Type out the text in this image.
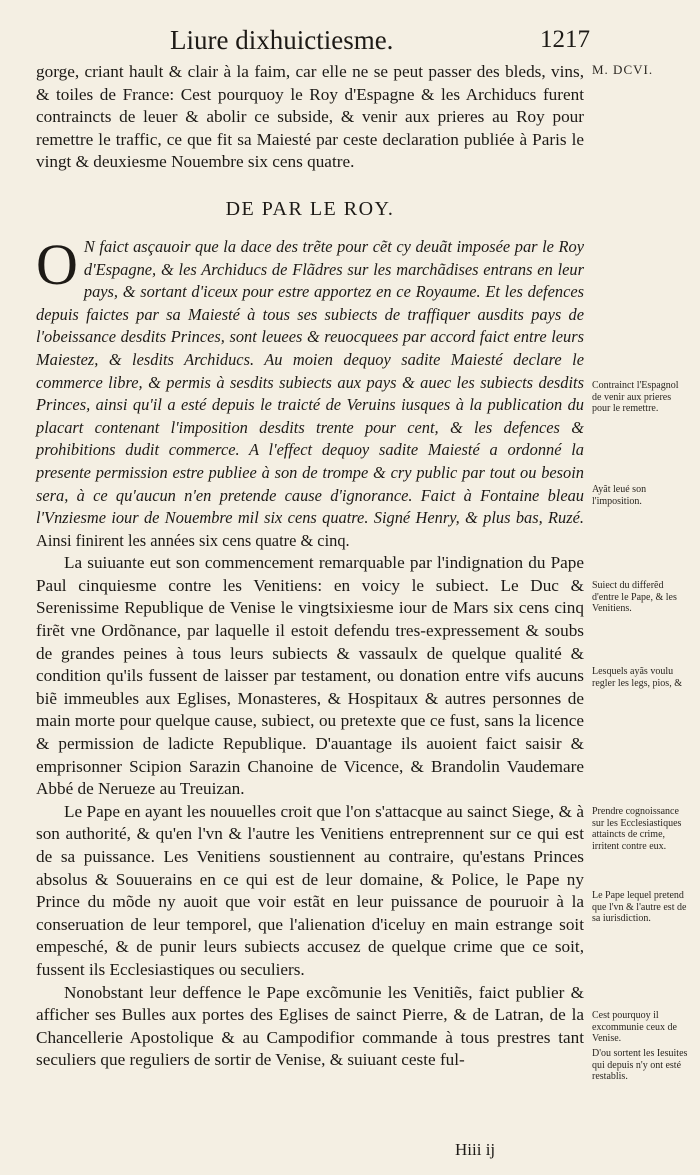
Liure dixhuictiesme.	1217

gorge, criant hault & clair à la faim, car elle ne se peut passer des bleds, vins, & toiles de France: Cest pourquoy le Roy d'Espagne & les Archiducs furent contraincts de leuer & abolir ce subside, & venir aux prieres au Roy pour remettre le traffic, ce que fit sa Maiesté par ceste declaration publiée à Paris le vingt & deuxiesme Nouembre six cens quatre.

DE PAR LE ROY.

O N faict asçauoir que la dace des trẽte pour cẽt cy deuãt imposée par le Roy d'Espagne, & les Archiducs de Flãdres sur les marchãdises entrans en leur pays, & sortant d'iceux pour estre apportez en ce Royaume. Et les defences depuis faictes par sa Maiesté à tous ses subiects de traffiquer ausdits pays de l'obeissance desdits Princes, sont leuees & reuocquees par accord faict entre leurs Maiestez, & lesdits Archiducs. Au moien dequoy sadite Maiesté declare le commerce libre, & permis à sesdits subiects aux pays & auec les subiects desdits Princes, ainsi qu'il a esté depuis le traicté de Veruins iusques à la publication du placart contenant l'imposition desdits trente pour cent, & les defences & prohibitions dudit commerce. A l'effect dequoy sadite Maiesté a ordonné la presente permission estre publiee à son de trompe & cry public par tout ou besoin sera, à ce qu'aucun n'en pretende cause d'ignorance. Faict à Fontaine bleau l'Vnziesme iour de Nouembre mil six cens quatre. Signé Henry, & plus bas, Ruzé. Ainsi finirent les années six cens quatre & cinq.

La suiuante eut son commencement remarquable par l'indignation du Pape Paul cinquiesme contre les Venitiens: en voicy le subiect. Le Duc & Serenissime Republique de Venise le vingtsixiesme iour de Mars six cens cinq firẽt vne Ordõnance, par laquelle il estoit defendu tres-expressement & soubs de grandes peines à tous leurs subiects & vassaulx de quelque qualité & condition qu'ils fussent de laisser par testament, ou donation entre vifs aucuns biẽ immeubles aux Eglises, Monasteres, & Hospitaux & autres personnes de main morte pour quelque cause, subiect, ou pretexte que ce fust, sans la licence & permission de ladicte Republique. D'auantage ils auoient faict saisir & emprisonner Scipion Sarazin Chanoine de Vicence, & Brandolin Vaudemare Abbé de Nerueze au Treuizan.

Le Pape en ayant les nouuelles croit que l'on s'attacque au sainct Siege, & à son authorité, & qu'en l'vn & l'autre les Venitiens entreprennent sur ce qui est de sa puissance. Les Venitiens soustiennent au contraire, qu'estans Princes absolus & Souuerains en ce qui est de leur domaine, & Police, le Pape ny Prince du mõde ny auoit que voir estãt en leur puissance de pouruoir à la conseruation de leur temporel, que l'alienation d'iceluy en main estrange soit empesché, & de punir leurs subiects accusez de quelque crime que ce soit, fussent ils Ecclesiastiques ou seculiers.

Nonobstant leur deffence le Pape excõmunie les Venitiẽs, faict publier & afficher ses Bulles aux portes des Eglises de sainct Pierre, & de Latran, de la Chancellerie Apostolique & au Campodifior commande à tous prestres tant seculiers que reguliers de sortir de Venise, & suiuant ceste ful-

M. DCVI.
Contrainct l'Espagnol de venir aux prieres pour le remettre.
Ayãt leué son l'imposition.
Suiect du differẽd d'entre le Pape, & les Venitiens.
Lesquels ayãs voulu regler les legs, pios, &
Prendre cognoissance sur les Ecclesiastiques attaincts de crime, irritent contre eux.
Le Pape lequel pretend que l'vn & l'autre est de sa iurisdiction.
Cest pourquoy il excommunie ceux de Venise.
D'ou sortent les Iesuites qui depuis n'y ont esté restablis.
Hiii ij
